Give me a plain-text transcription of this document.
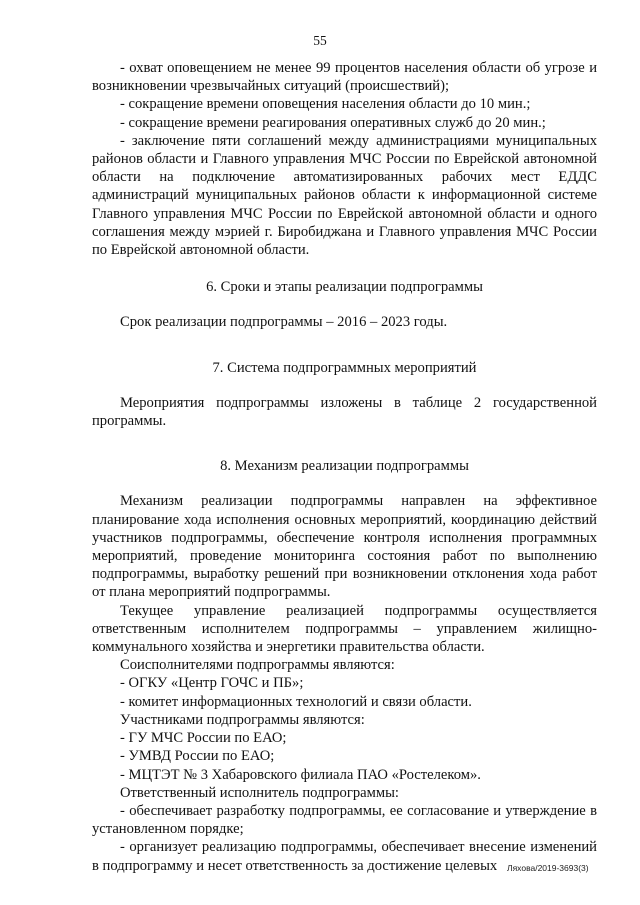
55

- охват оповещением не менее 99 процентов населения области об угрозе и возникновении чрезвычайных ситуаций (происшествий);

- сокращение времени оповещения населения области до 10 мин.;

- сокращение времени реагирования оперативных служб до 20 мин.;

- заключение пяти соглашений между администрациями муниципальных районов области и Главного управления МЧС России по Еврейской автономной области на подключение автоматизированных рабочих мест ЕДДС администраций муниципальных районов области к информационной системе Главного управления МЧС России по Еврейской автономной области и одного соглашения между мэрией г. Биробиджана и Главного управления МЧС России по Еврейской автономной области.

6. Сроки и этапы реализации подпрограммы

Срок реализации подпрограммы – 2016 – 2023 годы.

7. Система подпрограммных мероприятий

Мероприятия подпрограммы изложены в таблице 2 государственной программы.

8. Механизм реализации подпрограммы

Механизм реализации подпрограммы направлен на эффективное планирование хода исполнения основных мероприятий, координацию действий участников подпрограммы, обеспечение контроля исполнения программных мероприятий, проведение мониторинга состояния работ по выполнению подпрограммы, выработку решений при возникновении отклонения хода работ от плана мероприятий подпрограммы.

Текущее управление реализацией подпрограммы осуществляется ответственным исполнителем подпрограммы – управлением жилищно-коммунального хозяйства и энергетики правительства области.

Соисполнителями подпрограммы являются:

- ОГКУ «Центр ГОЧС и ПБ»;

- комитет информационных технологий и связи области.

Участниками подпрограммы являются:

- ГУ МЧС России по ЕАО;

- УМВД России по ЕАО;

- МЦТЭТ № 3 Хабаровского филиала ПАО «Ростелеком».

Ответственный исполнитель подпрограммы:

- обеспечивает разработку подпрограммы, ее согласование и утверждение в установленном порядке;

- организует реализацию подпрограммы, обеспечивает внесение изменений в подпрограмму и несет ответственность за достижение целевых	Ляхова/2019-3693(3)
